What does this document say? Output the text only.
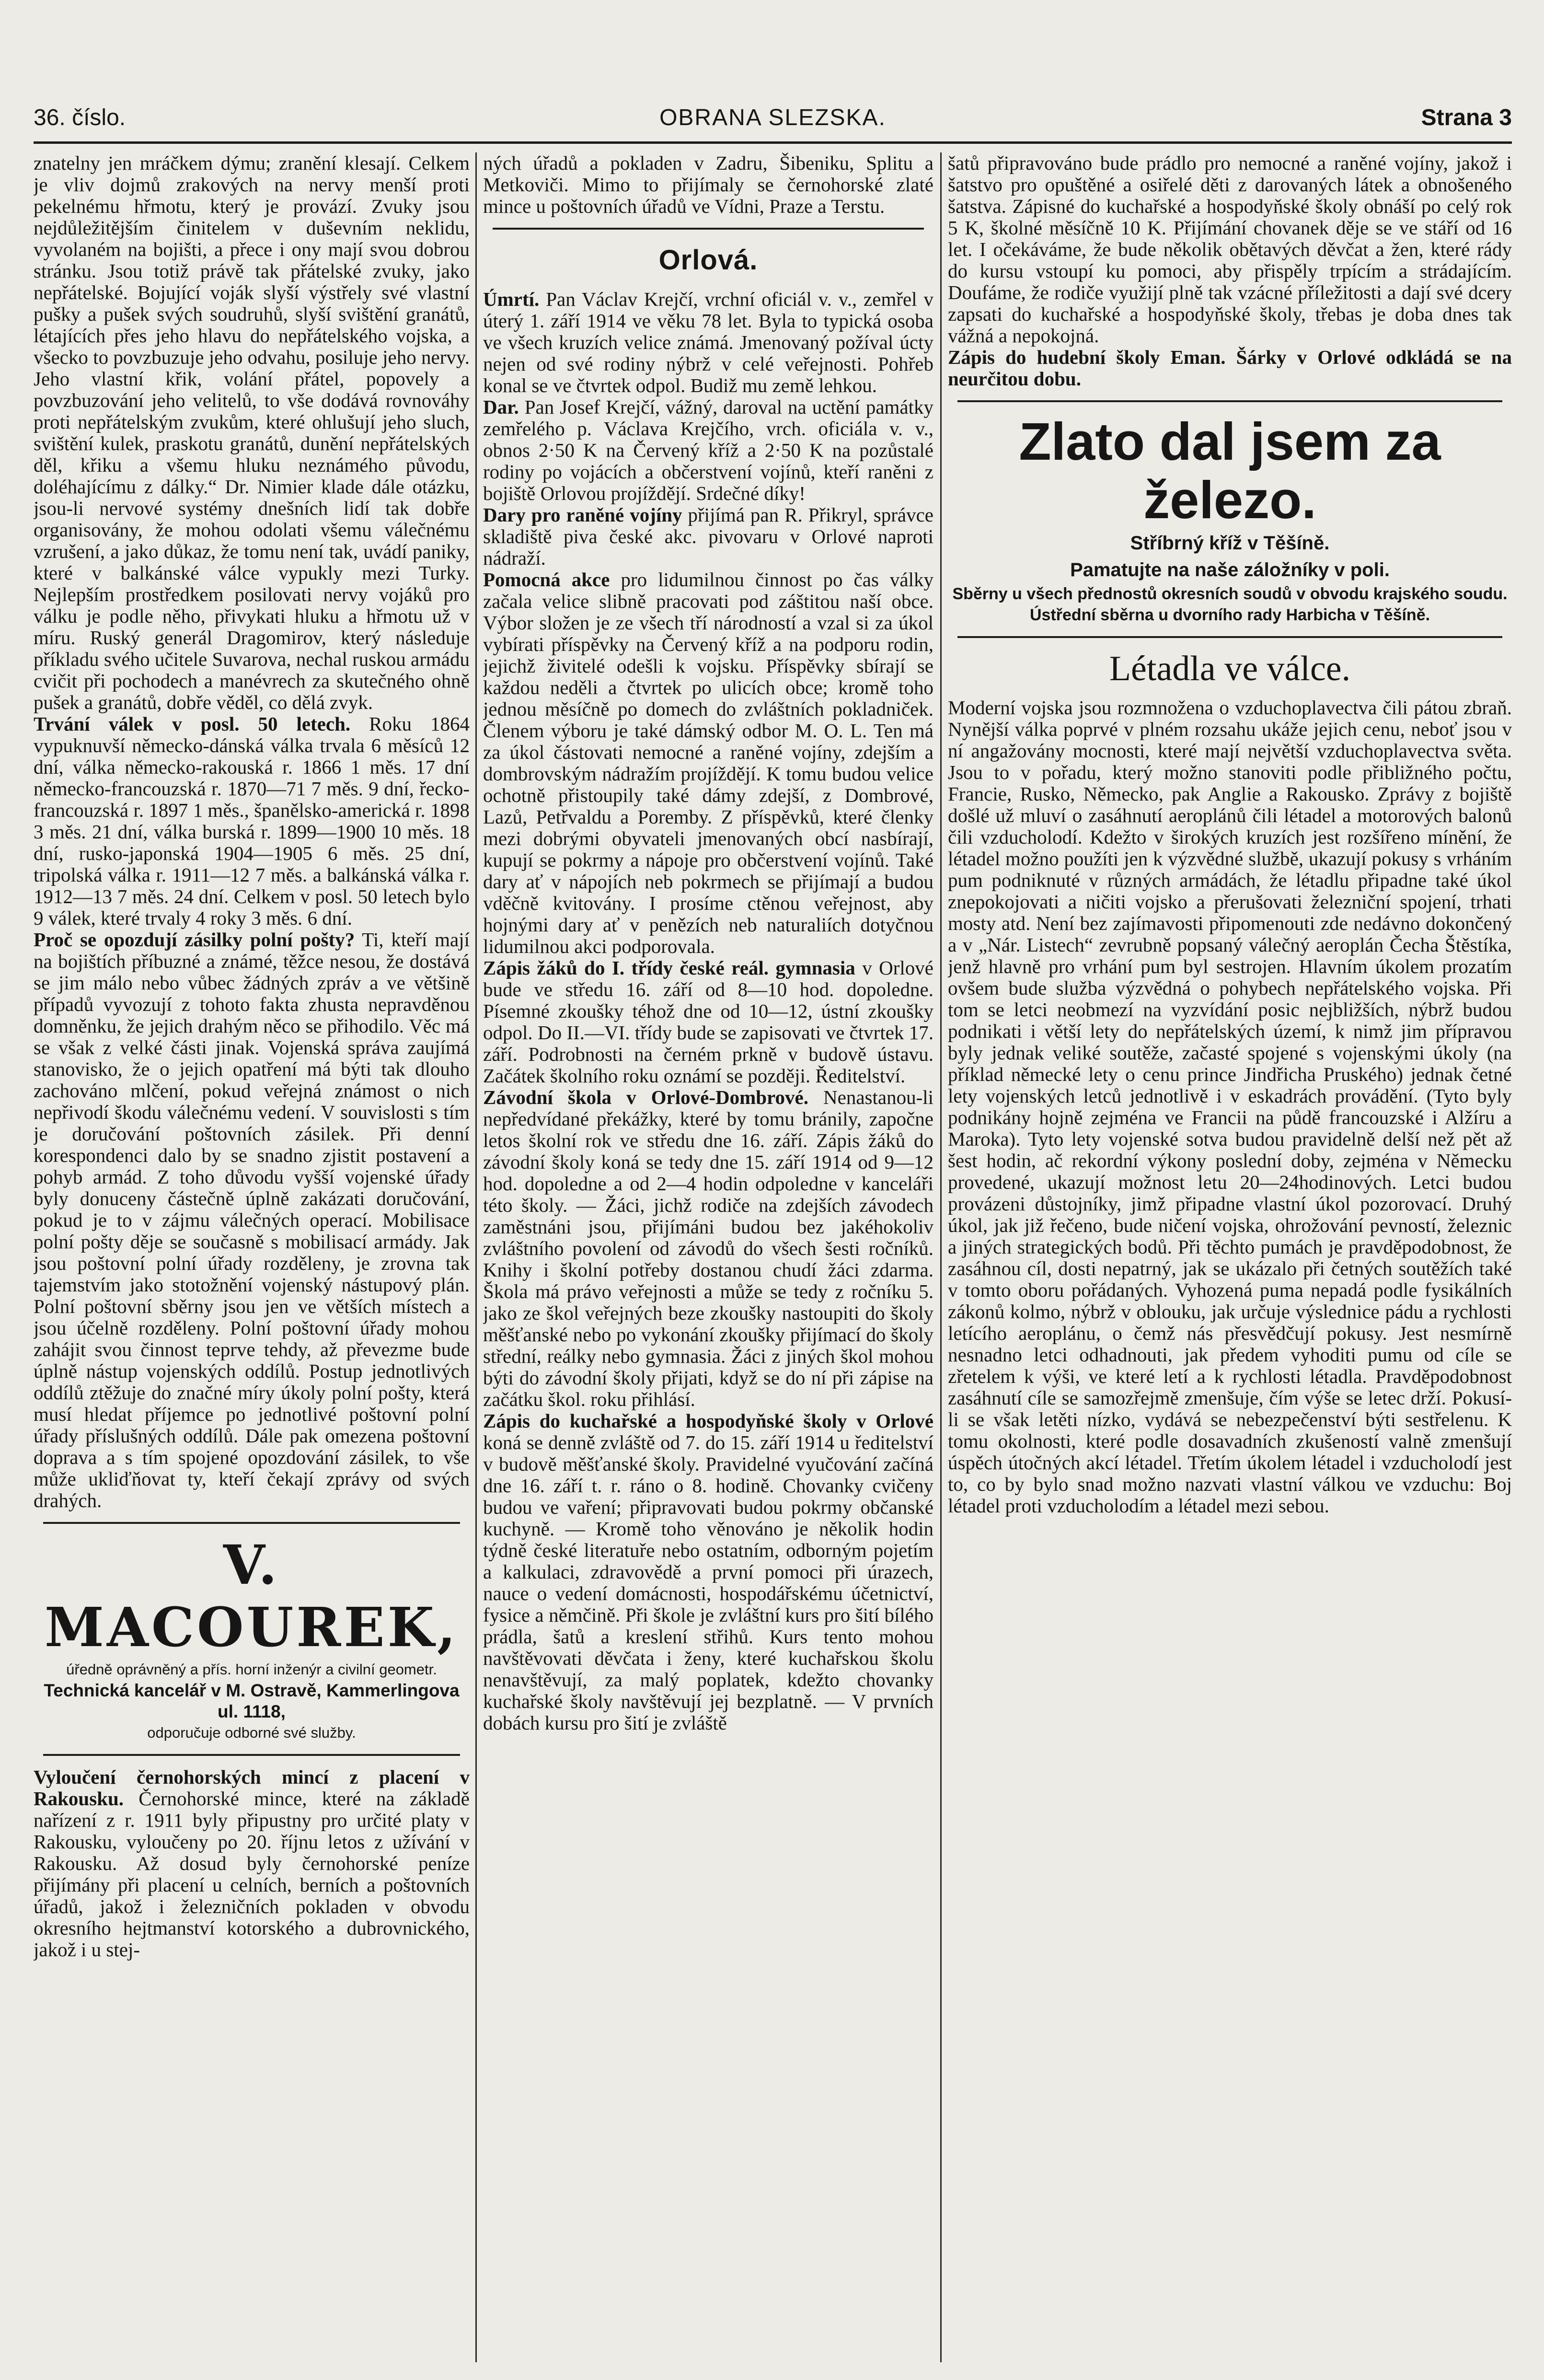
36. číslo.	OBRANA SLEZSKA.	Strana 3

znatelny jen mráčkem dýmu; zranění klesají. Celkem je vliv dojmů zrakových na nervy menší proti pekelnému hřmotu, který je provází. Zvuky jsou nejdůležitějším činitelem v duševním neklidu, vyvolaném na bojišti, a přece i ony mají svou dobrou stránku. Jsou totiž právě tak přátelské zvuky, jako nepřátelské. Bojující voják slyší výstřely své vlastní pušky a pušek svých soudruhů, slyší svištění granátů, létajících přes jeho hlavu do nepřátelského vojska, a všecko to povzbuzuje jeho odvahu, posiluje jeho nervy. Jeho vlastní křik, volání přátel, popovely a povzbuzování jeho velitelů, to vše dodává rovnováhy proti nepřátelským zvukům, které ohlušují jeho sluch, svištění kulek, praskotu granátů, dunění nepřátelských děl, křiku a všemu hluku neznámého původu, doléhajícímu z dálky.“ Dr. Nimier klade dále otázku, jsou-li nervové systémy dnešních lidí tak dobře organisovány, že mohou odolati všemu válečnému vzrušení, a jako důkaz, že tomu není tak, uvádí paniky, které v balkánské válce vypukly mezi Turky. Nejlepším prostředkem posilovati nervy vojáků pro válku je podle něho, přivykati hluku a hřmotu už v míru. Ruský generál Dragomirov, který následuje příkladu svého učitele Suvarova, nechal ruskou armádu cvičit při pochodech a manévrech za skutečného ohně pušek a granátů, dobře věděl, co dělá zvyk.

Trvání válek v posl. 50 letech. Roku 1864 vypuknuvší německo-dánská válka trvala 6 měsíců 12 dní, válka německo-rakouská r. 1866 1 měs. 17 dní německo-francouzská r. 1870—71 7 měs. 9 dní, řecko-francouzská r. 1897 1 měs., španělsko-americká r. 1898 3 měs. 21 dní, válka burská r. 1899—1900 10 měs. 18 dní, rusko-japonská 1904—1905 6 měs. 25 dní, tripolská válka r. 1911—12 7 měs. a balkánská válka r. 1912—13 7 měs. 24 dní. Celkem v posl. 50 letech bylo 9 válek, které trvaly 4 roky 3 měs. 6 dní.

Proč se opozdují zásilky polní pošty? Ti, kteří mají na bojištích příbuzné a známé, těžce nesou, že dostává se jim málo nebo vůbec žádných zpráv a ve většině případů vyvozují z tohoto fakta zhusta nepravděnou domněnku, že jejich drahým něco se přihodilo. Věc má se však z velké části jinak. Vojenská správa zaujímá stanovisko, že o jejich opatření má býti tak dlouho zachováno mlčení, pokud veřejná známost o nich nepřivodí škodu válečnému vedení. V souvislosti s tím je doručování poštovních zásilek. Při denní korespondenci dalo by se snadno zjistit postavení a pohyb armád. Z toho důvodu vyšší vojenské úřady byly donuceny částečně úplně zakázati doručování, pokud je to v zájmu válečných operací. Mobilisace polní pošty děje se současně s mobilisací armády. Jak jsou poštovní polní úřady rozděleny, je zrovna tak tajemstvím jako stotožnění vojenský nástupový plán. Polní poštovní sběrny jsou jen ve větších místech a jsou účelně rozděleny. Polní poštovní úřady mohou zahájit svou činnost teprve tehdy, až převezme bude úplně nástup vojenských oddílů. Postup jednotlivých oddílů ztěžuje do značné míry úkoly polní pošty, která musí hledat příjemce po jednotlivé poštovní polní úřady příslušných oddílů. Dále pak omezena poštovní doprava a s tím spojené opozdování zásilek, to vše může ukliďňovat ty, kteří čekají zprávy od svých drahých.

V. MACOUREK,
úředně oprávněný a přís. horní inženýr a civilní geometr.
Technická kancelář v M. Ostravě, Kammerlingova ul. 1118,
odporučuje odborné své služby.

Vyloučení černohorských mincí z placení v Rakousku. Černohorské mince, které na základě nařízení z r. 1911 byly připustny pro určité platy v Rakousku, vyloučeny po 20. říjnu letos z užívání v Rakousku. Až dosud byly černohorské peníze přijímány při placení u celních, berních a poštovních úřadů, jakož i železničních pokladen v obvodu okresního hejtmanství kotorského a dubrovnického, jakož i u stej-

ných úřadů a pokladen v Zadru, Šibeniku, Splitu a Metkoviči. Mimo to přijímaly se černohorské zlaté mince u poštovních úřadů ve Vídni, Praze a Terstu.

Orlová.

Úmrtí. Pan Václav Krejčí, vrchní oficiál v. v., zemřel v úterý 1. září 1914 ve věku 78 let. Byla to typická osoba ve všech kruzích velice známá. Jmenovaný požíval úcty nejen od své rodiny nýbrž v celé veřejnosti. Pohřeb konal se ve čtvrtek odpol. Budiž mu země lehkou.

Dar. Pan Josef Krejčí, vážný, daroval na uctění památky zemřelého p. Václava Krejčího, vrch. oficiála v. v., obnos 2·50 K na Červený kříž a 2·50 K na pozůstalé rodiny po vojácích a občerstvení vojínů, kteří raněni z bojiště Orlovou projíždějí. Srdečné díky!

Dary pro raněné vojíny přijímá pan R. Přikryl, správce skladiště piva české akc. pivovaru v Orlové naproti nádraží.

Pomocná akce pro lidumilnou činnost po čas války začala velice slibně pracovati pod záštitou naší obce. Výbor složen je ze všech tří národností a vzal si za úkol vybírati příspěvky na Červený kříž a na podporu rodin, jejichž živitelé odešli k vojsku. Příspěvky sbírají se každou neděli a čtvrtek po ulicích obce; kromě toho jednou měsíčně po domech do zvláštních pokladniček. Členem výboru je také dámský odbor M. O. L. Ten má za úkol částovati nemocné a raněné vojíny, zdejším a dombrovským nádražím projíždějí. K tomu budou velice ochotně přistoupily také dámy zdejší, z Dombrové, Lazů, Petřvaldu a Poremby. Z příspěvků, které členky mezi dobrými obyvateli jmenovaných obcí nasbírají, kupují se pokrmy a nápoje pro občerstvení vojínů. Také dary ať v nápojích neb pokrmech se přijímají a budou vděčně kvitovány. I prosíme ctěnou veřejnost, aby hojnými dary ať v penězích neb naturaliích dotyčnou lidumilnou akci podporovala.

Zápis žáků do I. třídy české reál. gymnasia v Orlové bude ve středu 16. září od 8—10 hod. dopoledne. Písemné zkoušky téhož dne od 10—12, ústní zkoušky odpol. Do II.—VI. třídy bude se zapisovati ve čtvrtek 17. září. Podrobnosti na černém prkně v budově ústavu. Začátek školního roku oznámí se později. Ředitelství.

Závodní škola v Orlové-Dombrové. Nenastanou-li nepředvídané překážky, které by tomu bránily, započne letos školní rok ve středu dne 16. září. Zápis žáků do závodní školy koná se tedy dne 15. září 1914 od 9—12 hod. dopoledne a od 2—4 hodin odpoledne v kanceláři této školy. — Žáci, jichž rodiče na zdejších závodech zaměstnáni jsou, přijímáni budou bez jakéhokoliv zvláštního povolení od závodů do všech šesti ročníků. Knihy i školní potřeby dostanou chudí žáci zdarma. Škola má právo veřejnosti a může se tedy z ročníku 5. jako ze škol veřejných beze zkoušky nastoupiti do školy měšťanské nebo po vykonání zkoušky přijímací do školy střední, reálky nebo gymnasia. Žáci z jiných škol mohou býti do závodní školy přijati, když se do ní při zápise na začátku škol. roku přihlásí.

Zápis do kuchařské a hospodyňské školy v Orlové koná se denně zvláště od 7. do 15. září 1914 u ředitelství v budově měšťanské školy. Pravidelné vyučování začíná dne 16. září t. r. ráno o 8. hodině. Chovanky cvičeny budou ve vaření; připravovati budou pokrmy občanské kuchyně. — Kromě toho věnováno je několik hodin týdně české literatuře nebo ostatním, odborným pojetím a kalkulaci, zdravovědě a první pomoci při úrazech, nauce o vedení domácnosti, hospodářskému účetnictví, fysice a němčině. Při škole je zvláštní kurs pro šití bílého prádla, šatů a kreslení střihů. Kurs tento mohou navštěvovati děvčata i ženy, které kuchařskou školu nenavštěvují, za malý poplatek, kdežto chovanky kuchařské školy navštěvují jej bezplatně. — V prvních dobách kursu pro šití je zvláště

šatů připravováno bude prádlo pro nemocné a raněné vojíny, jakož i šatstvo pro opuštěné a osiřelé děti z darovaných látek a obnošeného šatstva. Zápisné do kuchařské a hospodyňské školy obnáší po celý rok 5 K, školné měsíčně 10 K. Přijímání chovanek děje se ve stáří od 16 let. I očekáváme, že bude několik obětavých děvčat a žen, které rády do kursu vstoupí ku pomoci, aby přispěly trpícím a strádajícím. Doufáme, že rodiče využijí plně tak vzácné příležitosti a dají své dcery zapsati do kuchařské a hospodyňské školy, třebas je doba dnes tak vážná a nepokojná.

Zápis do hudební školy Eman. Šárky v Orlové odkládá se na neurčitou dobu.

Zlato dal jsem za
železo.
Stříbrný kříž v Těšíně.
Pamatujte na naše záložníky v poli.
Sběrny u všech přednostů okresních soudů v obvodu krajského soudu.
Ústřední sběrna u dvorního rady Harbicha v Těšíně.
Létadla ve válce.

Moderní vojska jsou rozmnožena o vzduchoplavectva čili pátou zbraň. Nynější válka poprvé v plném rozsahu ukáže jejich cenu, neboť jsou v ní angažovány mocnosti, které mají největší vzduchoplavectva světa. Jsou to v pořadu, který možno stanoviti podle přibližného počtu, Francie, Rusko, Německo, pak Anglie a Rakousko. Zprávy z bojiště došlé už mluví o zasáhnutí aeroplánů čili létadel a motorových balonů čili vzducholodí. Kdežto v širokých kruzích jest rozšířeno mínění, že létadel možno použíti jen k výzvědné službě, ukazují pokusy s vrháním pum podniknuté v různých armádách, že létadlu připadne také úkol znepokojovati a ničiti vojsko a přerušovati železniční spojení, trhati mosty atd. Není bez zajímavosti připomenouti zde nedávno dokončený a v „Nár. Listech“ zevrubně popsaný válečný aeroplán Čecha Štěstíka, jenž hlavně pro vrhání pum byl sestrojen. Hlavním úkolem prozatím ovšem bude služba výzvědná o pohybech nepřátelského vojska. Při tom se letci neobmezí na vyzvídání posic nejbližších, nýbrž budou podnikati i větší lety do nepřátelských území, k nimž jim přípravou byly jednak veliké soutěže, začasté spojené s vojenskými úkoly (na příklad německé lety o cenu prince Jindřicha Pruského) jednak četné lety vojenských letců jednotlivě i v eskadrách provádění. (Tyto byly podnikány hojně zejména ve Francii na půdě francouzské i Alžíru a Maroka). Tyto lety vojenské sotva budou pravidelně delší než pět až šest hodin, ač rekordní výkony poslední doby, zejména v Německu provedené, ukazují možnost letu 20—24hodinových. Letci budou provázeni důstojníky, jimž připadne vlastní úkol pozorovací. Druhý úkol, jak již řečeno, bude ničení vojska, ohrožování pevností, železnic a jiných strategických bodů. Při těchto pumách je pravděpodobnost, že zasáhnou cíl, dosti nepatrný, jak se ukázalo při četných soutěžích také v tomto oboru pořádaných. Vyhozená puma nepadá podle fysikálních zákonů kolmo, nýbrž v oblouku, jak určuje výslednice pádu a rychlosti letícího aeroplánu, o čemž nás přesvědčují pokusy. Jest nesmírně nesnadno letci odhadnouti, jak předem vyhoditi pumu od cíle se zřetelem k výši, ve které letí a k rychlosti létadla. Pravděpodobnost zasáhnutí cíle se samozřejmě zmenšuje, čím výše se letec drží. Pokusí-li se však letěti nízko, vydává se nebezpečenství býti sestřelenu. K tomu okolnosti, které podle dosavadních zkušeností valně zmenšují úspěch útočných akcí létadel. Třetím úkolem létadel i vzducholodí jest to, co by bylo snad možno nazvati vlastní válkou ve vzduchu: Boj létadel proti vzducholodím a létadel mezi sebou.
